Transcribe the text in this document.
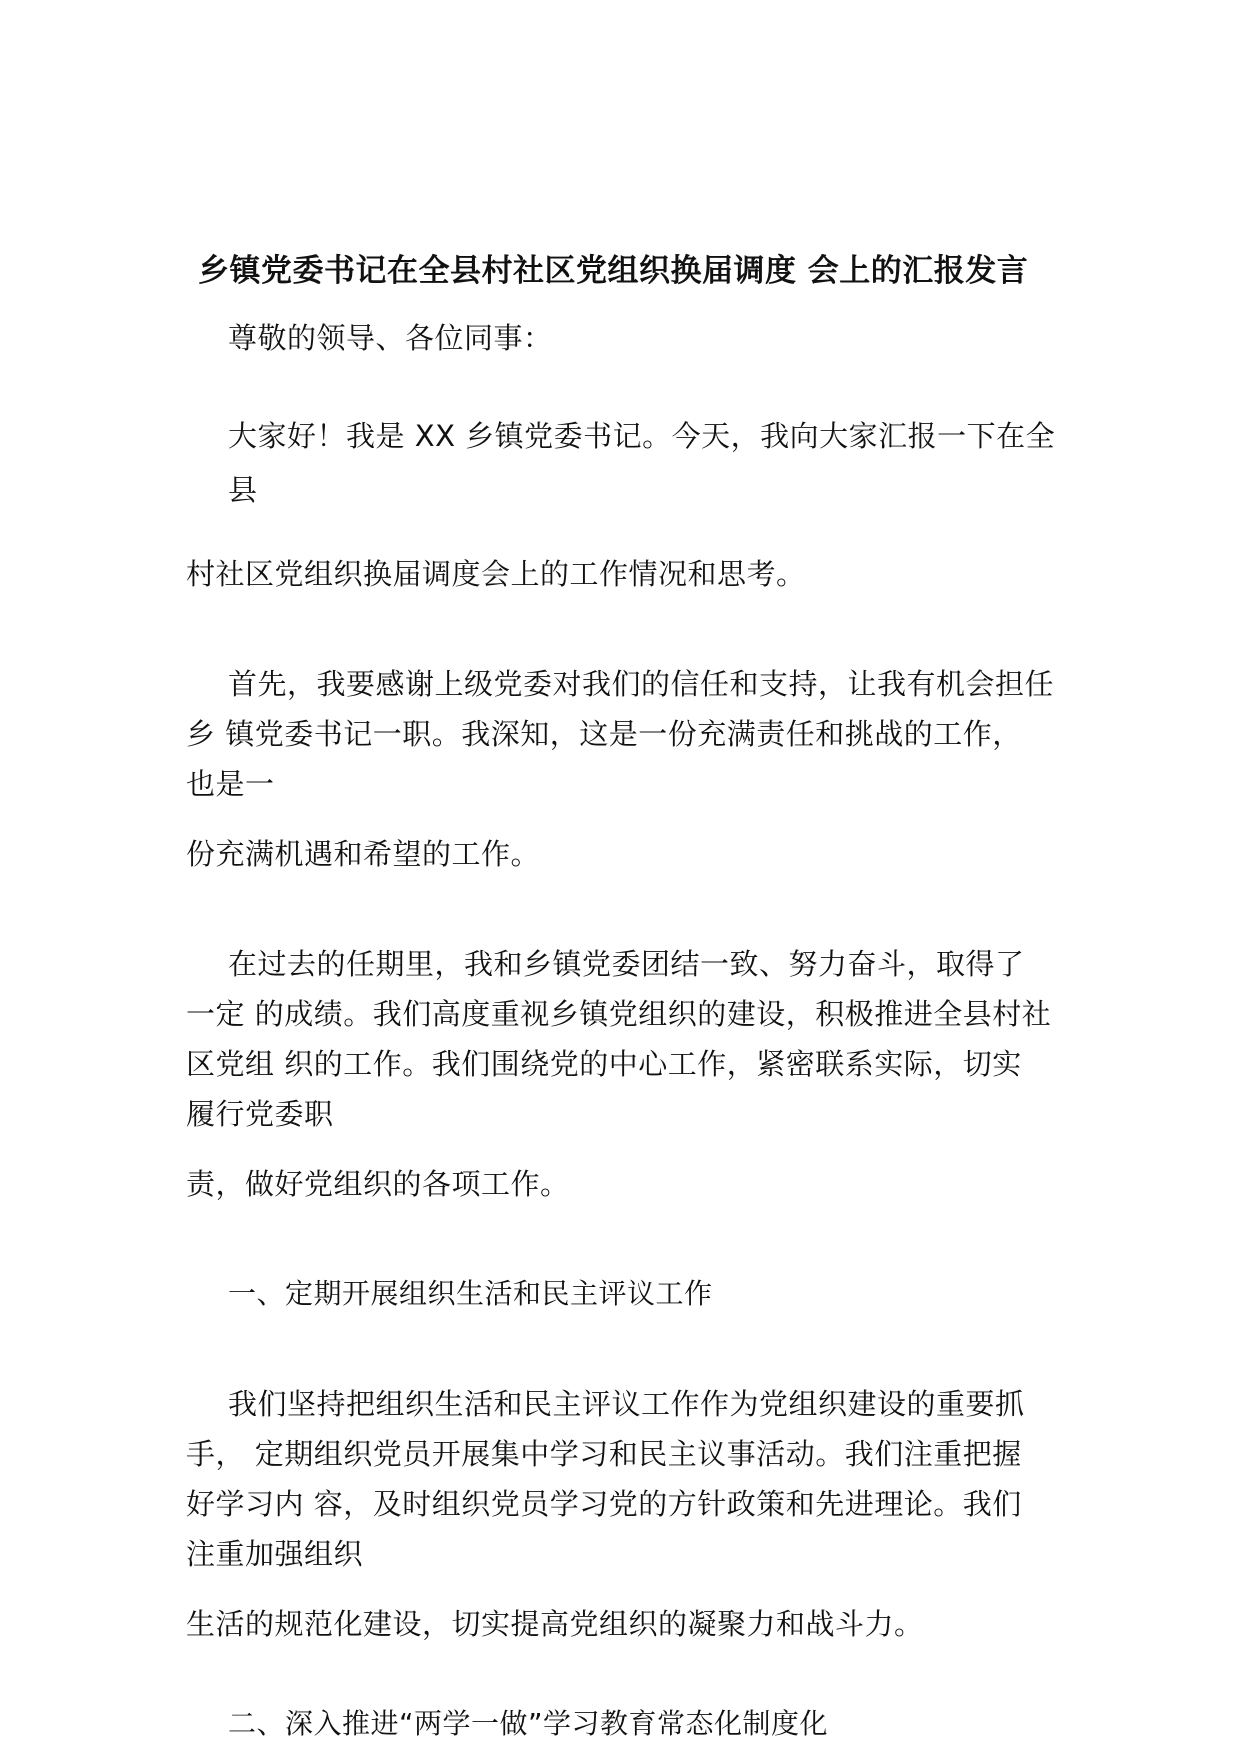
乡镇党委书记在全县村社区党组织换届调度 会上的汇报发言
尊敬的领导、各位同事：
大家好！我是 XX 乡镇党委书记。今天，我向大家汇报一下在全
县
村社区党组织换届调度会上的工作情况和思考。
首先，我要感谢上级党委对我们的信任和支持，让我有机会担任
乡 镇党委书记一职。我深知，这是一份充满责任和挑战的工作，
也是一
份充满机遇和希望的工作。
在过去的任期里，我和乡镇党委团结一致、努力奋斗，取得了
一定 的成绩。我们高度重视乡镇党组织的建设，积极推进全县村社
区党组 织的工作。我们围绕党的中心工作，紧密联系实际，切实
履行党委职
责，做好党组织的各项工作。
一、定期开展组织生活和民主评议工作
我们坚持把组织生活和民主评议工作作为党组织建设的重要抓
手， 定期组织党员开展集中学习和民主议事活动。我们注重把握
好学习内 容，及时组织党员学习党的方针政策和先进理论。我们
注重加强组织
生活的规范化建设，切实提高党组织的凝聚力和战斗力。
二、深入推进“两学一做”学习教育常态化制度化
